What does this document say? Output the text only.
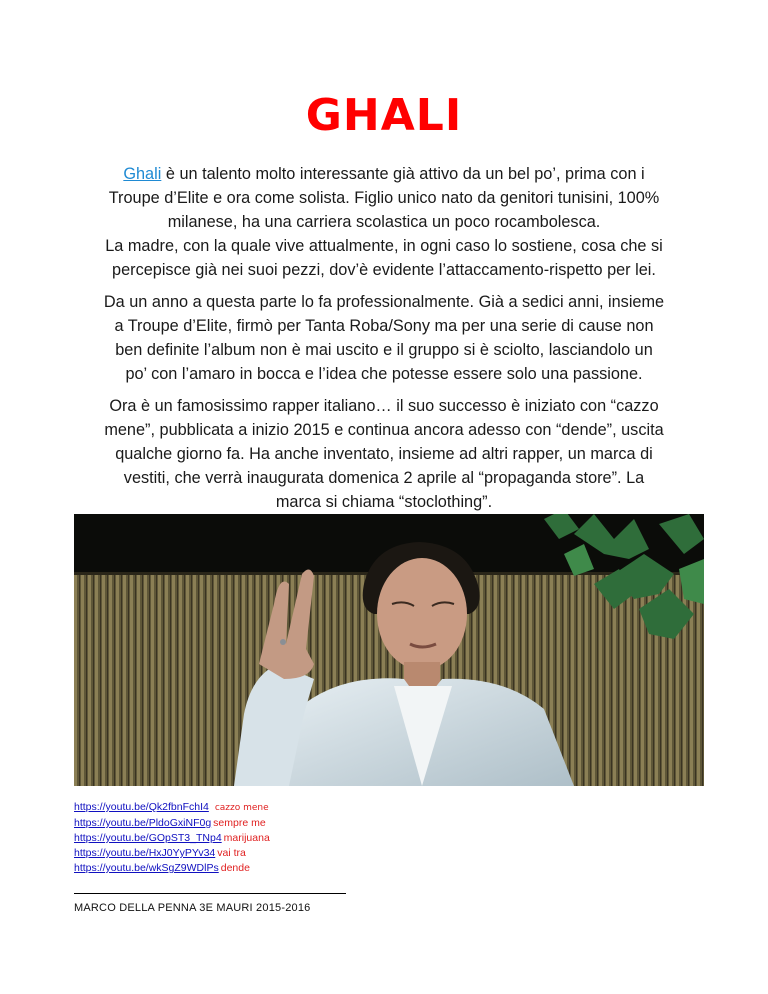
GHALI
Ghali è un talento molto interessante già attivo da un bel po’, prima con i
Troupe d’Elite e ora come solista. Figlio unico nato da genitori tunisini, 100%
milanese, ha una carriera scolastica un poco rocambolesca.
La madre, con la quale vive attualmente, in ogni caso lo sostiene, cosa che si
percepisce già nei suoi pezzi, dov’è evidente l’attaccamento-rispetto per lei.
Da un anno a questa parte lo fa professionalmente. Già a sedici anni, insieme
a Troupe d’Elite, firmò per Tanta Roba/Sony ma per una serie di cause non
ben definite l’album non è mai uscito e il gruppo si è sciolto, lasciandolo un
po’ con l’amaro in bocca e l’idea che potesse essere solo una passione.
Ora è un famosissimo rapper italiano… il suo successo è iniziato con “cazzo
mene”, pubblicata a inizio 2015 e continua ancora adesso con “dende”, uscita
qualche giorno fa. Ha anche inventato, insieme ad altri rapper, un marca di
vestiti, che verrà inaugurata domenica 2 aprile al “propaganda store”. La
marca si chiama “stoclothing”.
https://youtu.be/Qk2fbnFchI4 cazzo mene
https://youtu.be/PldoGxiNF0g sempre me
https://youtu.be/GOpST3_TNp4 marijuana
https://youtu.be/HxJ0YyPYv34 vai tra
https://youtu.be/wkSgZ9WDlPs dende
MARCO DELLA PENNA 3E MAURI 2015-2016
